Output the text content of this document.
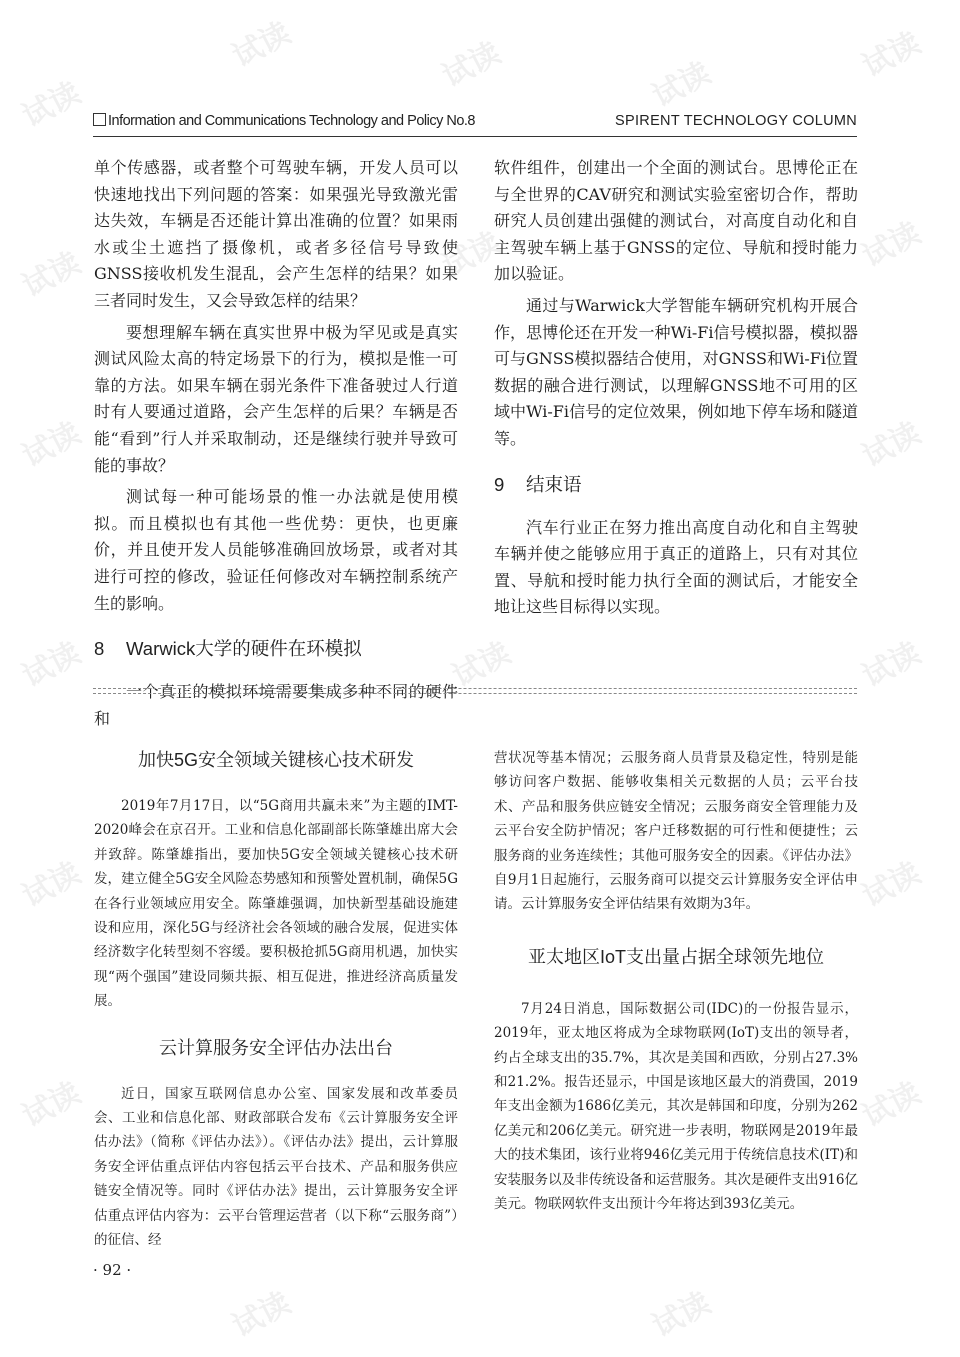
试读
试读	试读	试读
试读
试读	试读	试读
试读	试读
试读	试读	试读
试读	试读
试读	试读
试读	试读
Information and Communications Technology and Policy No.8	SPIRENT TECHNOLOGY COLUMN

单个传感器，或者整个可驾驶车辆，开发人员可以快速地找出下列问题的答案：如果强光导致激光雷达失效，车辆是否还能计算出准确的位置？如果雨水或尘土遮挡了摄像机，或者多径信号导致使GNSS接收机发生混乱，会产生怎样的结果？如果三者同时发生，又会导致怎样的结果？

要想理解车辆在真实世界中极为罕见或是真实测试风险太高的特定场景下的行为，模拟是惟一可靠的方法。如果车辆在弱光条件下准备驶过人行道时有人要通过道路，会产生怎样的后果？车辆是否能“看到”行人并采取制动，还是继续行驶并导致可能的事故？

测试每一种可能场景的惟一办法就是使用模拟。而且模拟也有其他一些优势：更快，也更廉价，并且使开发人员能够准确回放场景，或者对其进行可控的修改，验证任何修改对车辆控制系统产生的影响。

8 Warwick大学的硬件在环模拟

一个真正的模拟环境需要集成多种不同的硬件和

软件组件，创建出一个全面的测试台。思博伦正在与全世界的CAV研究和测试实验室密切合作，帮助研究人员创建出强健的测试台，对高度自动化和自主驾驶车辆上基于GNSS的定位、导航和授时能力加以验证。

通过与Warwick大学智能车辆研究机构开展合作，思博伦还在开发一种Wi-Fi信号模拟器，模拟器可与GNSS模拟器结合使用，对GNSS和Wi-Fi位置数据的融合进行测试，以理解GNSS地不可用的区域中Wi-Fi信号的定位效果，例如地下停车场和隧道等。

9 结束语

汽车行业正在努力推出高度自动化和自主驾驶车辆并使之能够应用于真正的道路上，只有对其位置、导航和授时能力执行全面的测试后，才能安全地让这些目标得以实现。

加快5G安全领域关键核心技术研发

2019年7月17日，以“5G商用共赢未来”为主题的IMT-2020峰会在京召开。工业和信息化部副部长陈肇雄出席大会并致辞。陈肇雄指出，要加快5G安全领域关键核心技术研发，建立健全5G安全风险态势感知和预警处置机制，确保5G在各行业领域应用安全。陈肇雄强调，加快新型基础设施建设和应用，深化5G与经济社会各领域的融合发展，促进实体经济数字化转型刻不容缓。要积极抢抓5G商用机遇，加快实现“两个强国”建设同频共振、相互促进，推进经济高质量发展。

云计算服务安全评估办法出台

近日，国家互联网信息办公室、国家发展和改革委员会、工业和信息化部、财政部联合发布《云计算服务安全评估办法》（简称《评估办法》）。《评估办法》提出，云计算服务安全评估重点评估内容包括云平台技术、产品和服务供应链安全情况等。同时《评估办法》提出，云计算服务安全评估重点评估内容为：云平台管理运营者（以下称“云服务商”）的征信、经

营状况等基本情况；云服务商人员背景及稳定性，特别是能够访问客户数据、能够收集相关元数据的人员；云平台技术、产品和服务供应链安全情况；云服务商安全管理能力及云平台安全防护情况；客户迁移数据的可行性和便捷性；云服务商的业务连续性；其他可服务安全的因素。《评估办法》自9月1日起施行，云服务商可以提交云计算服务安全评估申请。云计算服务安全评估结果有效期为3年。

亚太地区IoT支出量占据全球领先地位

7月24日消息，国际数据公司(IDC)的一份报告显示，2019年，亚太地区将成为全球物联网(IoT)支出的领导者，约占全球支出的35.7%，其次是美国和西欧，分别占27.3%和21.2%。报告还显示，中国是该地区最大的消费国，2019年支出金额为1686亿美元，其次是韩国和印度，分别为262亿美元和206亿美元。研究进一步表明，物联网是2019年最大的技术集团，该行业将946亿美元用于传统信息技术(IT)和安装服务以及非传统设备和运营服务。其次是硬件支出916亿美元。物联网软件支出预计今年将达到393亿美元。

· 92 ·
